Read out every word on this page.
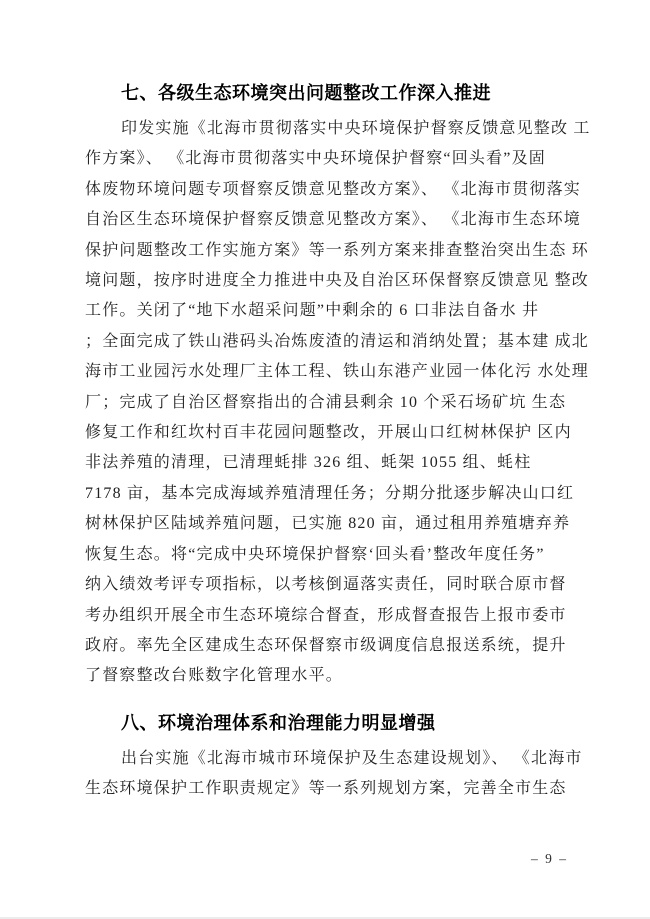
七、各级生态环境突出问题整改工作深入推进
印发实施《北海市贯彻落实中央环境保护督察反馈意见整改 工
作方案》、 《北海市贯彻落实中央环境保护督察“回头看”及固
体废物环境问题专项督察反馈意见整改方案》、 《北海市贯彻落实
自治区生态环境保护督察反馈意见整改方案》、 《北海市生态环境
保护问题整改工作实施方案》等一系列方案来排查整治突出生态 环
境问题，按序时进度全力推进中央及自治区环保督察反馈意见 整改
工作。关闭了“地下水超采问题”中剩余的 6 口非法自备水 井
；全面完成了铁山港码头冶炼废渣的清运和消纳处置；基本建 成北
海市工业园污水处理厂主体工程、铁山东港产业园一体化污 水处理
厂；完成了自治区督察指出的合浦县剩余 10 个采石场矿坑 生态
修复工作和红坎村百丰花园问题整改，开展山口红树林保护 区内
非法养殖的清理，已清理蚝排 326 组、蚝架 1055 组、蚝柱
7178 亩，基本完成海域养殖清理任务；分期分批逐步解决山口红
树林保护区陆域养殖问题，已实施 820 亩，通过租用养殖塘弃养
恢复生态。将“完成中央环境保护督察‘回头看’整改年度任务”
纳入绩效考评专项指标，以考核倒逼落实责任，同时联合原市督
考办组织开展全市生态环境综合督查，形成督查报告上报市委市
政府。率先全区建成生态环保督察市级调度信息报送系统，提升
了督察整改台账数字化管理水平。
八、环境治理体系和治理能力明显增强
出台实施《北海市城市环境保护及生态建设规划》、 《北海市
生态环境保护工作职责规定》等一系列规划方案，完善全市生态
– 9 –
